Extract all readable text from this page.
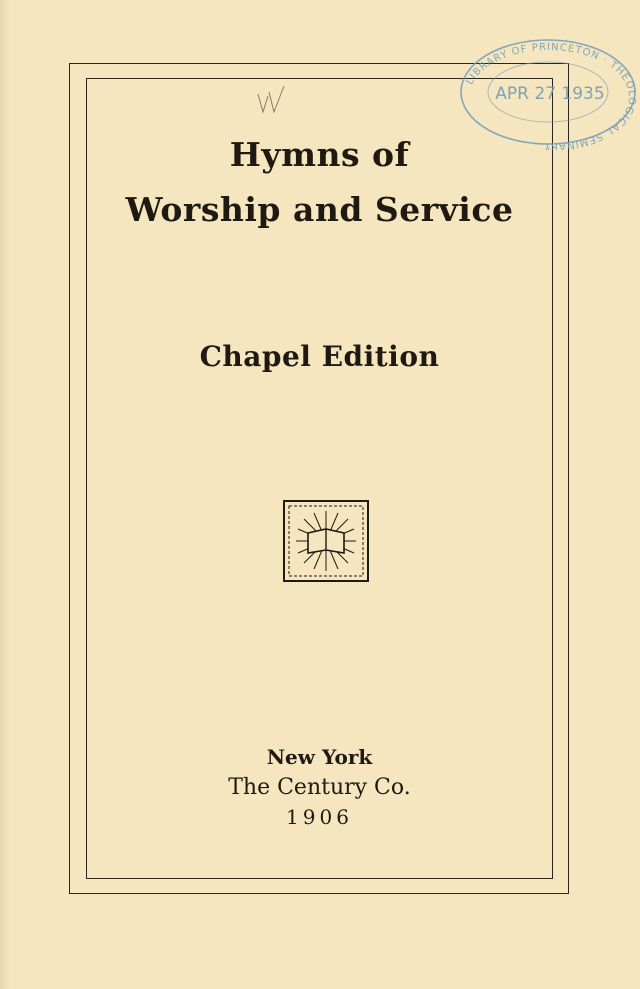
LIBRARY OF PRINCETON · THEOLOGICAL SEMINARY
APR 27 1935
Hymns of
Worship and Service
Chapel Edition
New York
The Century Co.
1906
